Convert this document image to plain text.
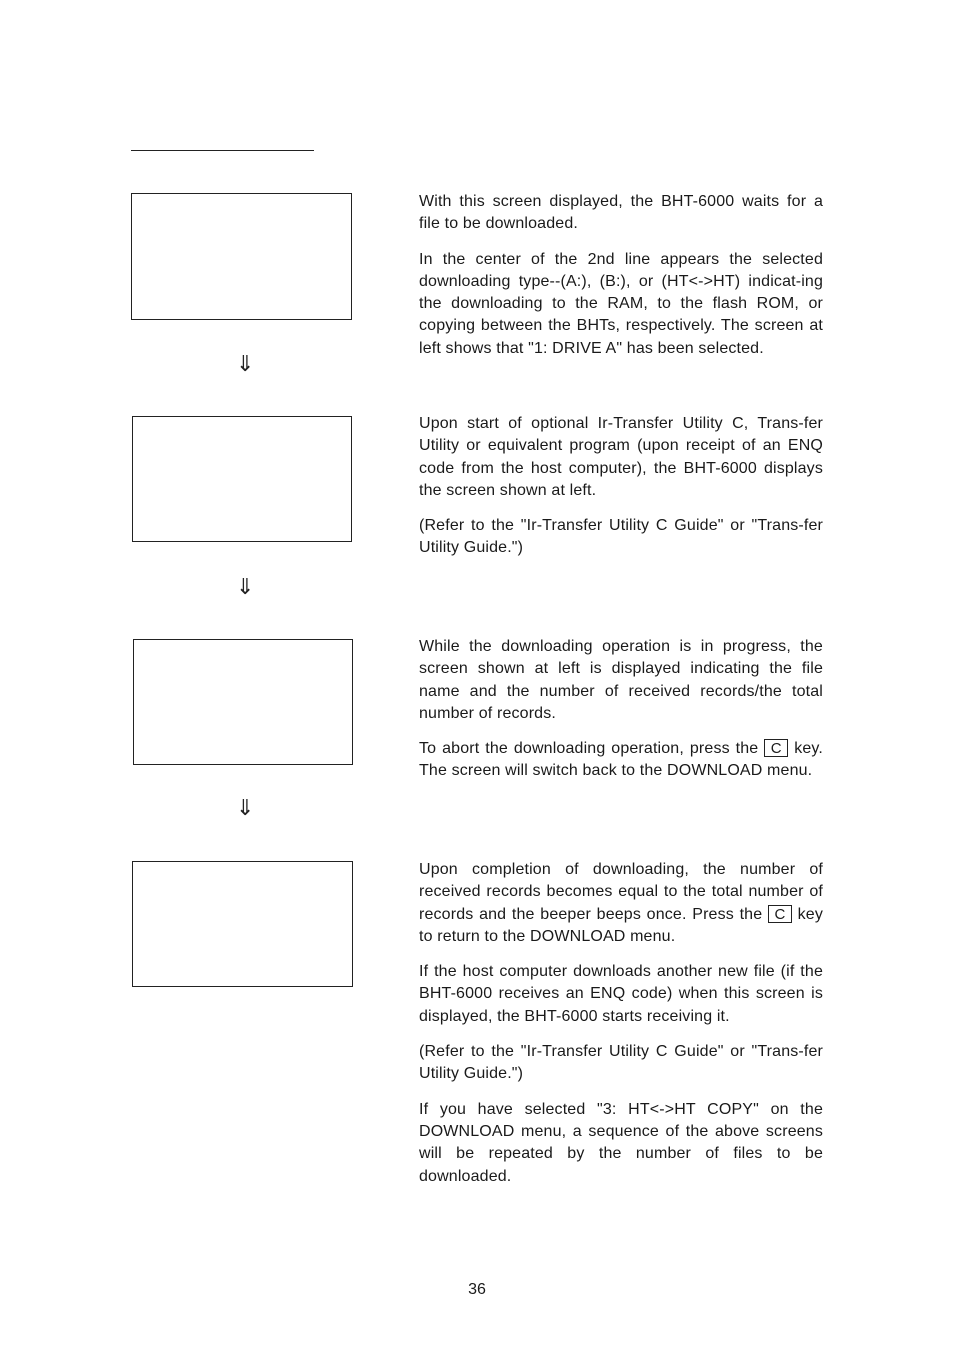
⇓
⇓
⇓

With this screen displayed, the BHT-6000 waits for a file to be downloaded.

In the center of the 2nd line appears the selected downloading type--(A:), (B:), or (HT<->HT) indicat-ing the downloading to the RAM, to the flash ROM, or copying between the BHTs, respectively. The screen at left shows that "1: DRIVE A" has been selected.

Upon start of optional Ir-Transfer Utility C, Trans-fer Utility or equivalent program (upon receipt of an ENQ code from the host computer), the BHT-6000 displays the screen shown at left.

(Refer to the "Ir-Transfer Utility C Guide" or "Trans-fer Utility Guide.")

While the downloading operation is in progress, the screen shown at left is displayed indicating the file name and the number of received records/the total number of records.

To abort the downloading operation, press the C key. The screen will switch back to the DOWNLOAD menu.

Upon completion of downloading, the number of received records becomes equal to the total number of records and the beeper beeps once. Press the C key to return to the DOWNLOAD menu.

If the host computer downloads another new file (if the BHT-6000 receives an ENQ code) when this screen is displayed, the BHT-6000 starts receiving it.

(Refer to the "Ir-Transfer Utility C Guide" or "Trans-fer Utility Guide.")

If you have selected "3: HT<->HT COPY" on the DOWNLOAD menu, a sequence of the above screens will be repeated by the number of files to be downloaded.

36
